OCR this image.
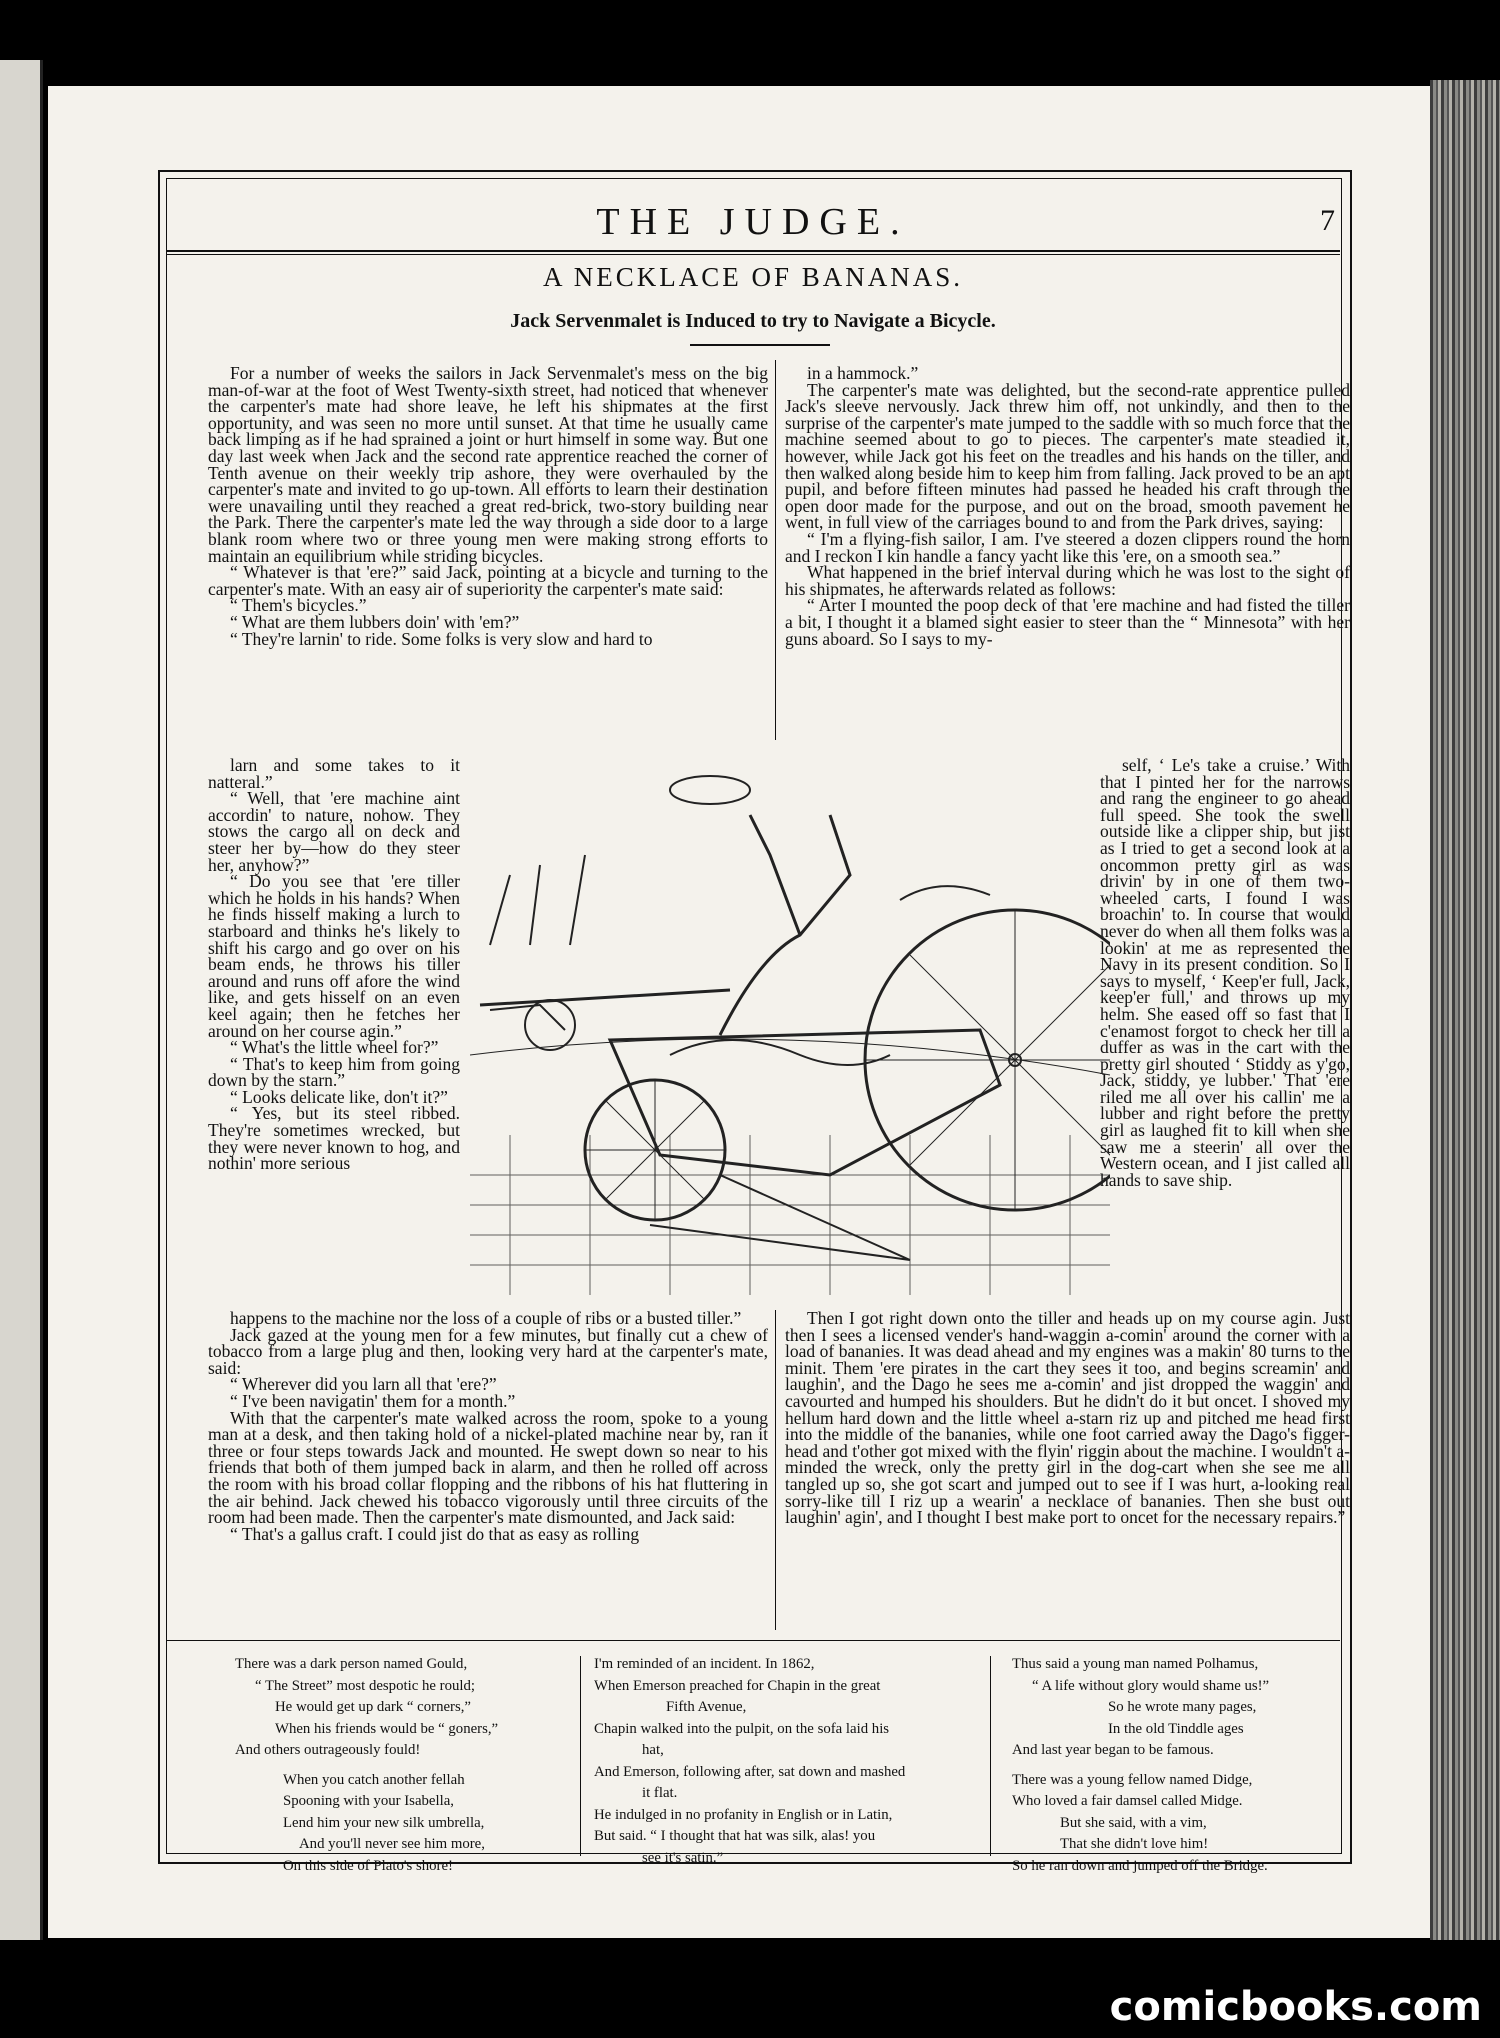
THE JUDGE.	7
A NECKLACE OF BANANAS.
Jack Servenmalet is Induced to try to Navigate a Bicycle.

For a number of weeks the sailors in Jack Servenmalet's mess on the big man-of-war at the foot of West Twenty-sixth street, had noticed that whenever the carpenter's mate had shore leave, he left his shipmates at the first opportunity, and was seen no more until sunset. At that time he usually came back limping as if he had sprained a joint or hurt himself in some way. But one day last week when Jack and the second rate apprentice reached the corner of Tenth avenue on their weekly trip ashore, they were overhauled by the carpenter's mate and invited to go up-town. All efforts to learn their destination were unavailing until they reached a great red-brick, two-story building near the Park. There the carpenter's mate led the way through a side door to a large blank room where two or three young men were making strong efforts to maintain an equilibrium while striding bicycles.

“ Whatever is that 'ere?” said Jack, pointing at a bicycle and turning to the carpenter's mate. With an easy air of superiority the carpenter's mate said:

“ Them's bicycles.”

“ What are them lubbers doin' with 'em?”

“ They're larnin' to ride. Some folks is very slow and hard to

larn and some takes to it natteral.”

“ Well, that 'ere machine aint accordin' to nature, nohow. They stows the cargo all on deck and steer her by—how do they steer her, anyhow?”

“ Do you see that 'ere tiller which he holds in his hands? When he finds hisself making a lurch to starboard and thinks he's likely to shift his cargo and go over on his beam ends, he throws his tiller around and runs off afore the wind like, and gets hisself on an even keel again; then he fetches her around on her course agin.”

“ What's the little wheel for?”

“ That's to keep him from going down by the starn.”

“ Looks delicate like, don't it?”

“ Yes, but its steel ribbed. They're sometimes wrecked, but they were never known to hog, and nothin' more serious

happens to the machine nor the loss of a couple of ribs or a busted tiller.”

Jack gazed at the young men for a few minutes, but finally cut a chew of tobacco from a large plug and then, looking very hard at the carpenter's mate, said:

“ Wherever did you larn all that 'ere?”

“ I've been navigatin' them for a month.”

With that the carpenter's mate walked across the room, spoke to a young man at a desk, and then taking hold of a nickel-plated machine near by, ran it three or four steps towards Jack and mounted. He swept down so near to his friends that both of them jumped back in alarm, and then he rolled off across the room with his broad collar flopping and the ribbons of his hat fluttering in the air behind. Jack chewed his tobacco vigorously until three circuits of the room had been made. Then the carpenter's mate dismounted, and Jack said:

“ That's a gallus craft. I could jist do that as easy as rolling

in a hammock.”

The carpenter's mate was delighted, but the second-rate apprentice pulled Jack's sleeve nervously. Jack threw him off, not unkindly, and then to the surprise of the carpenter's mate jumped to the saddle with so much force that the machine seemed about to go to pieces. The carpenter's mate steadied it, however, while Jack got his feet on the treadles and his hands on the tiller, and then walked along beside him to keep him from falling. Jack proved to be an apt pupil, and before fifteen minutes had passed he headed his craft through the open door made for the purpose, and out on the broad, smooth pavement he went, in full view of the carriages bound to and from the Park drives, saying:

“ I'm a flying-fish sailor, I am. I've steered a dozen clippers round the horn and I reckon I kin handle a fancy yacht like this 'ere, on a smooth sea.”

What happened in the brief interval during which he was lost to the sight of his shipmates, he afterwards related as follows:

“ Arter I mounted the poop deck of that 'ere machine and had fisted the tiller a bit, I thought it a blamed sight easier to steer than the “ Minnesota” with her guns aboard. So I says to my-

self, ‘ Le's take a cruise.’ With that I pinted her for the narrows and rang the engineer to go ahead full speed. She took the swell outside like a clipper ship, but jist as I tried to get a second look at a oncommon pretty girl as was drivin' by in one of them two-wheeled carts, I found I was broachin' to. In course that would never do when all them folks was a lookin' at me as represented the Navy in its present condition. So I says to myself, ‘ Keep'er full, Jack, keep'er full,' and throws up my helm. She eased off so fast that I c'enamost forgot to check her till a duffer as was in the cart with the pretty girl shouted ‘ Stiddy as y'go, Jack, stiddy, ye lubber.' That 'ere riled me all over his callin' me a lubber and right before the pretty girl as laughed fit to kill when she saw me a steerin' all over the Western ocean, and I jist called all hands to save ship.

Then I got right down onto the tiller and heads up on my course agin. Just then I sees a licensed vender's hand-waggin a-comin' around the corner with a load of bananies. It was dead ahead and my engines was a makin' 80 turns to the minit. Them 'ere pirates in the cart they sees it too, and begins screamin' and laughin', and the Dago he sees me a-comin' and jist dropped the waggin' and cavourted and humped his shoulders. But he didn't do it but oncet. I shoved my hellum hard down and the little wheel a-starn riz up and pitched me head first into the middle of the bananies, while one foot carried away the Dago's figger-head and t'other got mixed with the flyin' riggin about the machine. I wouldn't a-minded the wreck, only the pretty girl in the dog-cart when she see me all tangled up so, she got scart and jumped out to see if I was hurt, a-looking real sorry-like till I riz up a wearin' a necklace of bananies. Then she bust out laughin' agin', and I thought I best make port to oncet for the necessary repairs.”

There was a dark person named Gould,
“ The Street” most despotic he rould;
He would get up dark “ corners,”
When his friends would be “ goners,”
And others outrageously fould!
When you catch another fellah
Spooning with your Isabella,
Lend him your new silk umbrella,
And you'll never see him more,
On this side of Plato's shore!
I'm reminded of an incident. In 1862,
When Emerson preached for Chapin in the great
Fifth Avenue,
Chapin walked into the pulpit, on the sofa laid his
hat,
And Emerson, following after, sat down and mashed
it flat.
He indulged in no profanity in English or in Latin,
But said. “ I thought that hat was silk, alas! you
see it's satin.”
Thus said a young man named Polhamus,
“ A life without glory would shame us!”
So he wrote many pages,
In the old Tinddle ages
And last year began to be famous.
There was a young fellow named Didge,
Who loved a fair damsel called Midge.
But she said, with a vim,
That she didn't love him!
So he ran down and jumped off the Bridge.
comicbooks.com
